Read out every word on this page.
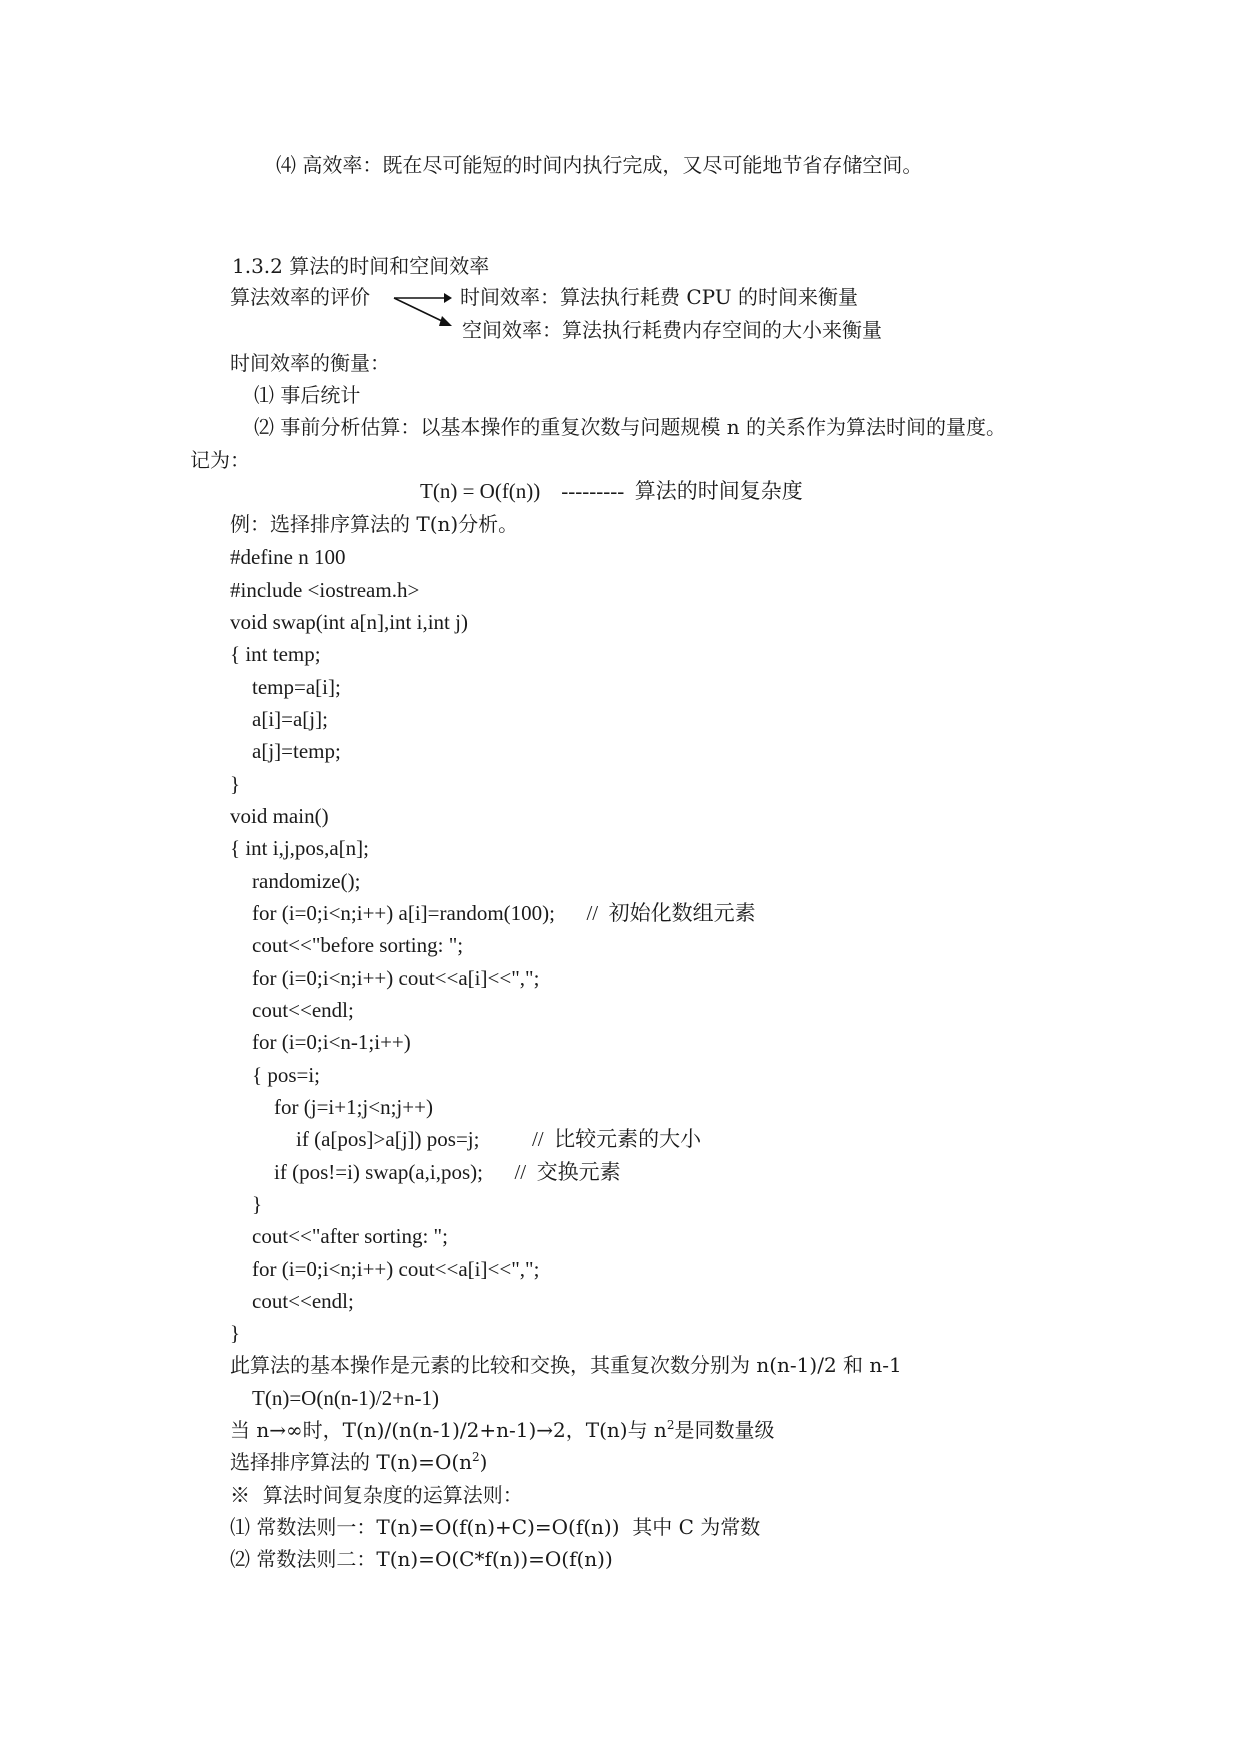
⑷ 高效率：既在尽可能短的时间内执行完成，又尽可能地节省存储空间。
1.3.2 算法的时间和空间效率
算法效率的评价	时间效率：算法执行耗费 CPU 的时间来衡量
空间效率：算法执行耗费内存空间的大小来衡量
时间效率的衡量：
⑴ 事后统计
⑵ 事前分析估算：以基本操作的重复次数与问题规模 n 的关系作为算法时间的量度。
记为：
T(n) = O(f(n))    ---------  算法的时间复杂度
例：选择排序算法的 T(n)分析。
#define n 100
#include <iostream.h>
void swap(int a[n],int i,int j)
{ int temp;
temp=a[i];
a[i]=a[j];
a[j]=temp;
}
void main()
{ int i,j,pos,a[n];
randomize();
for (i=0;i<n;i++) a[i]=random(100);      //  初始化数组元素
cout<<"before sorting: ";
for (i=0;i<n;i++) cout<<a[i]<<",";
cout<<endl;
for (i=0;i<n-1;i++)
{ pos=i;
for (j=i+1;j<n;j++)
if (a[pos]>a[j]) pos=j;          //  比较元素的大小
if (pos!=i) swap(a,i,pos);      //  交换元素
}
cout<<"after sorting: ";
for (i=0;i<n;i++) cout<<a[i]<<",";
cout<<endl;
}
此算法的基本操作是元素的比较和交换，其重复次数分别为 n(n-1)/2 和 n-1
T(n)=O(n(n-1)/2+n-1)
当 n→∞时，T(n)/(n(n-1)/2+n-1)→2，T(n)与 $n^2$是同数量级
选择排序算法的 $T(n)=O(n^2)$
※  算法时间复杂度的运算法则：
⑴ 常数法则一：T(n)=O(f(n)+C)=O(f(n))  其中 C 为常数
⑵ 常数法则二：T(n)=O(C*f(n))=O(f(n))
